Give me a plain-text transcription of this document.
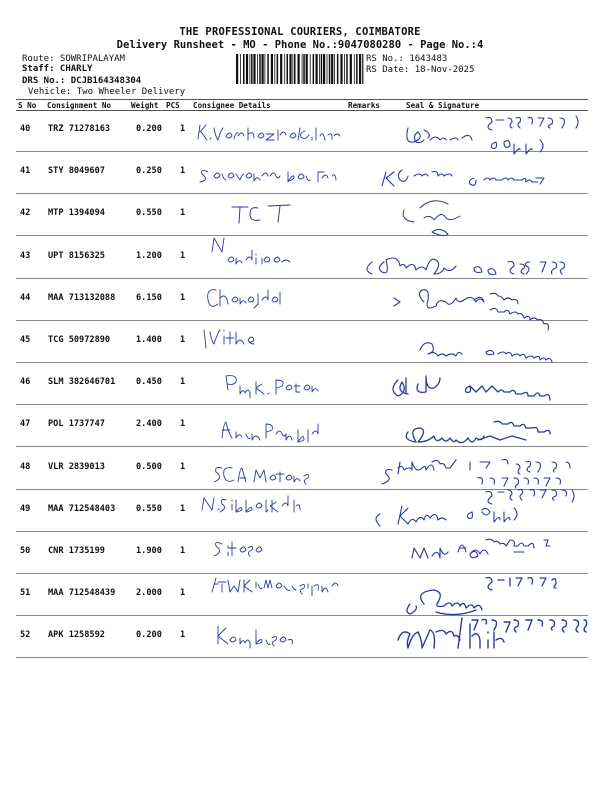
THE PROFESSIONAL COURIERS, COIMBATORE
Delivery Runsheet - MO - Phone No.:9047080280 - Page No.:4
Route: SOWRIPALAYAM
Staff: CHARLY
DRS No.: DCJB164348304
Vehicle: Two Wheeler Delivery
RS No.: 1643483
RS Date: 18-Nov-2025
S No Consignment No	Weight PCS Consignee Details	Remarks	Seal & Signature
40 TRZ 71278163	0.200 1
41 STY 8049607	0.250 1
42 MTP 1394094	0.550 1
43 UPT 8156325	1.200 1
44 MAA 713132088 6.150 1
45 TCG 50972890	1.400 1
46 SLM 382646701 0.450 1
47 POL 1737747	2.400 1
48 VLR 2839013	0.500 1
49 MAA 712548403 0.550 1
50 CNR 1735199	1.900 1
51 MAA 712548439 2.000 1
52 APK 1258592	0.200 1
